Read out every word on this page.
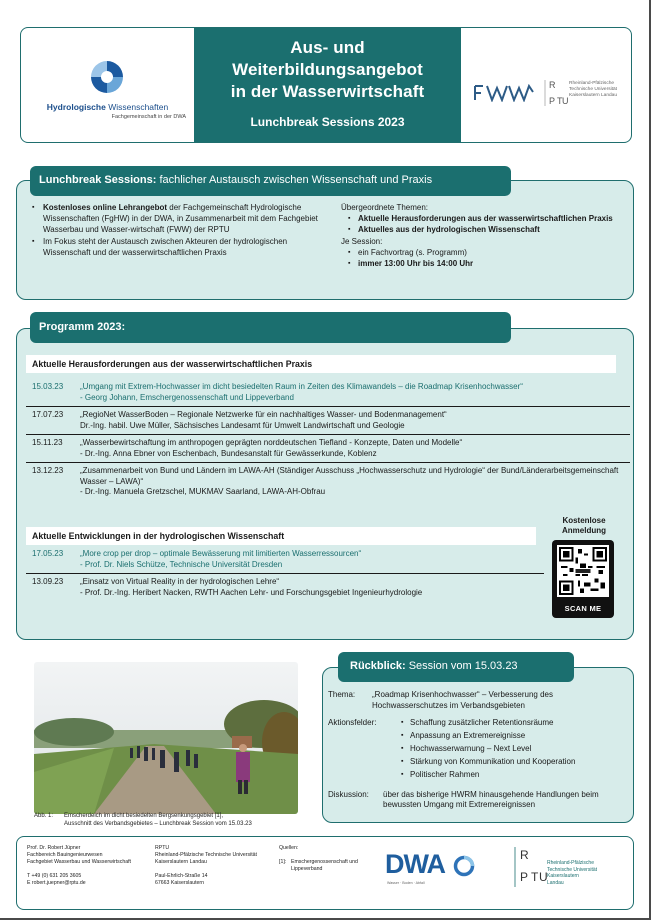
Hydrologische Wissenschaften
Fachgemeinschaft in der DWA
Aus- und
Weiterbildungsangebot
in der Wasserwirtschaft
Lunchbreak Sessions 2023
R
P T U
Rheinland-Pfälzische Technische Universität Kaiserslautern Landau
▪ Kostenloses online Lehrangebot der Fachgemeinschaft Hydrologische Wissenschaften (FgHW) in der DWA, in Zusammenarbeit mit dem Fachgebiet Wasserbau und Wasser-wirtschaft (FWW) der RPTU
▪ Im Fokus steht der Austausch zwischen Akteuren der hydrologischen Wissenschaft und der wasserwirtschaftlichen Praxis
Übergeordnete Themen:
▪ Aktuelle Herausforderungen aus der wasserwirtschaftlichen Praxis
▪ Aktuelles aus der hydrologischen Wissenschaft
Je Session:
▪ ein Fachvortrag (s. Programm)
▪ immer 13:00 Uhr bis 14:00 Uhr
Lunchbreak Sessions: fachlicher Austausch zwischen Wissenschaft und Praxis
Programm 2023:
Aktuelle Herausforderungen aus der wasserwirtschaftlichen Praxis
15.03.23	„Umgang mit Extrem-Hochwasser im dicht besiedelten Raum in Zeiten des Klimawandels – die Roadmap Krisenhochwasser“
- Georg Johann, Emschergenossenschaft und Lippeverband
17.07.23	„RegioNet WasserBoden – Regionale Netzwerke für ein nachhaltiges Wasser- und Bodenmanagement“
Dr.-Ing. habil. Uwe Müller, Sächsisches Landesamt für Umwelt Landwirtschaft und Geologie
15.11.23	„Wasserbewirtschaftung im anthropogen geprägten norddeutschen Tiefland - Konzepte, Daten und Modelle“
- Dr.-Ing. Anna Ebner von Eschenbach, Bundesanstalt für Gewässerkunde, Koblenz
13.12.23	„Zusammenarbeit von Bund und Ländern im LAWA-AH (Ständiger Ausschuss „Hochwasserschutz und Hydrologie“ der Bund/Länderarbeitsgemeinschaft Wasser – LAWA)“
- Dr.-Ing. Manuela Gretzschel, MUKMAV Saarland, LAWA-AH-Obfrau
Aktuelle Entwicklungen in der hydrologischen Wissenschaft
17.05.23	„More crop per drop – optimale Bewässerung mit limitierten Wasserressourcen“
- Prof. Dr. Niels Schütze, Technische Universität Dresden
13.09.23	„Einsatz von Virtual Reality in der hydrologischen Lehre“
- Prof. Dr.-Ing. Heribert Nacken, RWTH Aachen Lehr- und Forschungsgebiet Ingenieurhydrologie
Kostenlose
Anmeldung
SCAN ME
Abb. 1:	Emscherdeich im dicht besiedelten Bergsenkungsgebiet [1],
Ausschnitt des Verbandsgebietes – Lunchbreak Session vom 15.03.23
Thema:	„Roadmap Krisenhochwasser“ – Verbesserung des Hochwasserschutzes im Verbandsgebieten
Aktionsfelder:
▪	Schaffung zusätzlicher Retentionsräume
▪ Anpassung an Extremereignisse
▪ Hochwasserwarnung – Next Level
▪ Stärkung von Kommunikation und Kooperation
▪ Politischer Rahmen
Diskussion:	über das bisherige HWRM hinausgehende Handlungen beim bewussten Umgang mit Extremereignissen
Rückblick: Session vom 15.03.23
Prof. Dr. Robert Jüpner
Fachbereich Bauingenieurwesen
Fachgebiet Wasserbau und Wasserwirtschaft
T +49 (0) 631 205 3605
E robert.juepner@rptu.de
RPTU
Rheinland-Pfälzische Technische Universität
Kaiserslautern Landau
Paul-Ehrlich-Straße 14
67663 Kaiserslautern
Quellen:
[1]: Emschergenossenschaft und Lippeverband	DWA
Wasser · Boden · Abfall
R
P T U
Rheinland-Pfälzische
Technische Universität
Kaiserslautern
Landau
